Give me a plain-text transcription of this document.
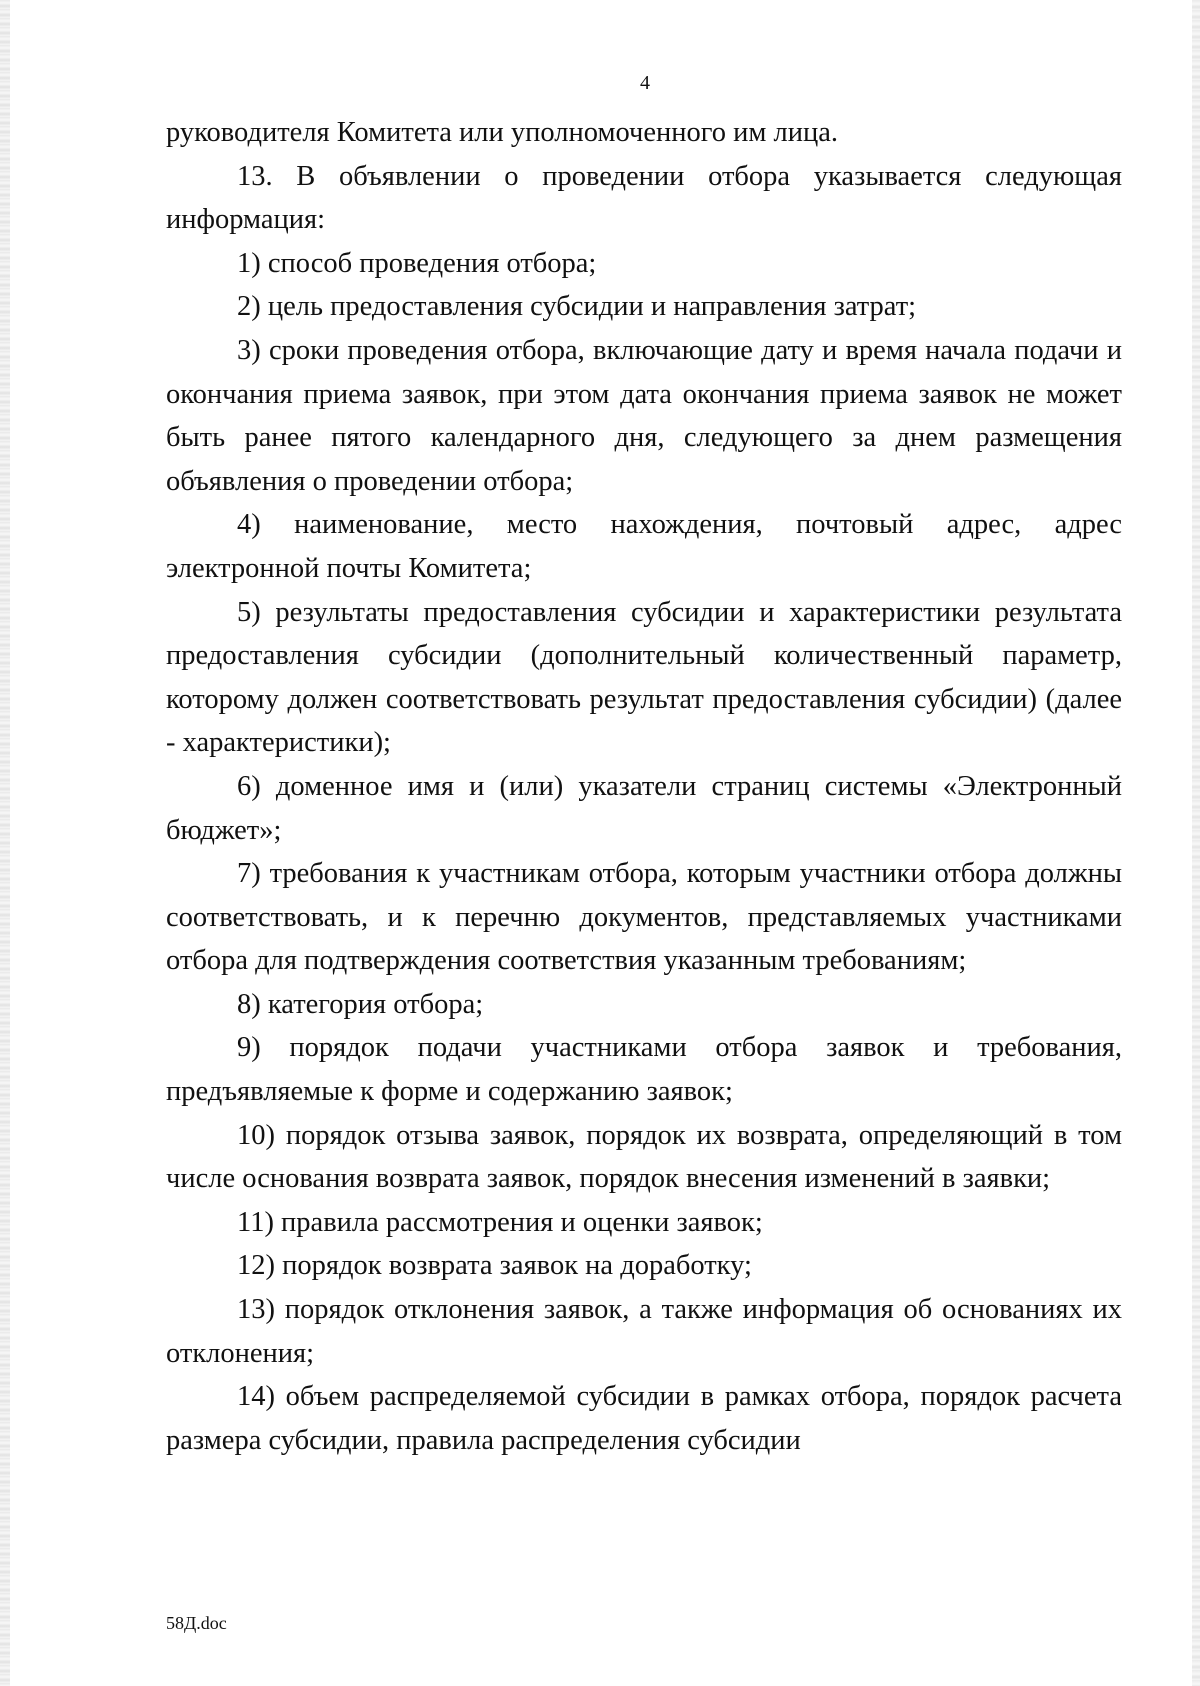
4

руководителя Комитета или уполномоченного им лица.

13. В объявлении о проведении отбора указывается следующая информация:

1) способ проведения отбора;

2) цель предоставления субсидии и направления затрат;

3) сроки проведения отбора, включающие дату и время начала подачи и окончания приема заявок, при этом дата окончания приема заявок не может быть ранее пятого календарного дня, следующего за днем размещения объявления о проведении отбора;

4) наименование, место нахождения, почтовый адрес, адрес электронной почты Комитета;

5) результаты предоставления субсидии и характеристики результата предоставления субсидии (дополнительный количественный параметр, которому должен соответствовать результат предоставления субсидии) (далее - характеристики);

6) доменное имя и (или) указатели страниц системы «Электронный бюджет»;

7) требования к участникам отбора, которым участники отбора должны соответствовать, и к перечню документов, представляемых участниками отбора для подтверждения соответствия указанным требованиям;

8) категория отбора;

9) порядок подачи участниками отбора заявок и требования, предъявляемые к форме и содержанию заявок;

10) порядок отзыва заявок, порядок их возврата, определяющий в том числе основания возврата заявок, порядок внесения изменений в заявки;

11) правила рассмотрения и оценки заявок;

12) порядок возврата заявок на доработку;

13) порядок отклонения заявок, а также информация об основаниях их отклонения;

14) объем распределяемой субсидии в рамках отбора, порядок расчета размера субсидии, правила распределения субсидии

58Д.doc
